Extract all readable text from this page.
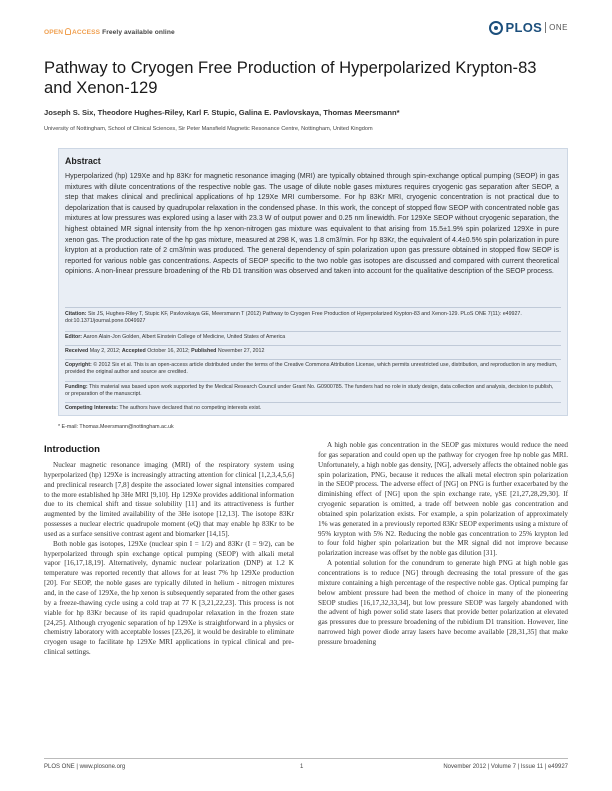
OPEN ACCESS Freely available online	PLOS ONE
Pathway to Cryogen Free Production of Hyperpolarized Krypton-83 and Xenon-129
Joseph S. Six, Theodore Hughes-Riley, Karl F. Stupic, Galina E. Pavlovskaya, Thomas Meersmann*
University of Nottingham, School of Clinical Sciences, Sir Peter Mansfield Magnetic Resonance Centre, Nottingham, United Kingdom
Abstract
Hyperpolarized (hp) 129Xe and hp 83Kr for magnetic resonance imaging (MRI) are typically obtained through spin-exchange optical pumping (SEOP) in gas mixtures with dilute concentrations of the respective noble gas. The usage of dilute noble gases mixtures requires cryogenic gas separation after SEOP, a step that makes clinical and preclinical applications of hp 129Xe MRI cumbersome. For hp 83Kr MRI, cryogenic concentration is not practical due to depolarization that is caused by quadrupolar relaxation in the condensed phase. In this work, the concept of stopped flow SEOP with concentrated noble gas mixtures at low pressures was explored using a laser with 23.3 W of output power and 0.25 nm linewidth. For 129Xe SEOP without cryogenic separation, the highest obtained MR signal intensity from the hp xenon-nitrogen gas mixture was equivalent to that arising from 15.5±1.9% spin polarized 129Xe in pure xenon gas. The production rate of the hp gas mixture, measured at 298 K, was 1.8 cm3/min. For hp 83Kr, the equivalent of 4.4±0.5% spin polarization in pure krypton at a production rate of 2 cm3/min was produced. The general dependency of spin polarization upon gas pressure obtained in stopped flow SEOP is reported for various noble gas concentrations. Aspects of SEOP specific to the two noble gas isotopes are discussed and compared with current theoretical opinions. A non-linear pressure broadening of the Rb D1 transition was observed and taken into account for the qualitative description of the SEOP process.
Citation: Six JS, Hughes-Riley T, Stupic KF, Pavlovskaya GE, Meersmann T (2012) Pathway to Cryogen Free Production of Hyperpolarized Krypton-83 and Xenon-129. PLoS ONE 7(11): e49927. doi:10.1371/journal.pone.0049927
Editor: Aaron Alain-Jon Golden, Albert Einstein College of Medicine, United States of America
Received May 2, 2012; Accepted October 16, 2012; Published November 27, 2012
Copyright: © 2012 Six et al. This is an open-access article distributed under the terms of the Creative Commons Attribution License, which permits unrestricted use, distribution, and reproduction in any medium, provided the original author and source are credited.
Funding: This material was based upon work supported by the Medical Research Council under Grant No. G0900785. The funders had no role in study design, data collection and analysis, decision to publish, or preparation of the manuscript.
Competing Interests: The authors have declared that no competing interests exist.
* E-mail: Thomas.Meersmann@nottingham.ac.uk
Introduction

Nuclear magnetic resonance imaging (MRI) of the respiratory system using hyperpolarized (hp) 129Xe is increasingly attracting attention for clinical [1,2,3,4,5,6] and preclinical research [7,8] despite the associated lower signal intensities compared to the more established hp 3He MRI [9,10]. Hp 129Xe provides additional information due to its chemical shift and tissue solubility [11] and its attractiveness is further augmented by the limited availability of the 3He isotope [12,13]. The isotope 83Kr possesses a nuclear electric quadrupole moment (eQ) that may enable hp 83Kr to be used as a surface sensitive contrast agent and biomarker [14,15].

Both noble gas isotopes, 129Xe (nuclear spin I = 1/2) and 83Kr (I = 9/2), can be hyperpolarized through spin exchange optical pumping (SEOP) with alkali metal vapor [16,17,18,19]. Alternatively, dynamic nuclear polarization (DNP) at 1.2 K temperature was reported recently that allows for at least 7% hp 129Xe production [20]. For SEOP, the noble gases are typically diluted in helium - nitrogen mixtures and, in the case of 129Xe, the hp xenon is subsequently separated from the other gases by a freeze-thawing cycle using a cold trap at 77 K [3,21,22,23]. This process is not viable for hp 83Kr because of its rapid quadrupolar relaxation in the frozen state [24,25]. Although cryogenic separation of hp 129Xe is straightforward in a physics or chemistry laboratory with acceptable losses [23,26], it would be desirable to eliminate cryogen usage to facilitate hp 129Xe MRI applications in typical clinical and pre-clinical settings.

A high noble gas concentration in the SEOP gas mixtures would reduce the need for gas separation and could open up the pathway for cryogen free hp noble gas MRI. Unfortunately, a high noble gas density, [NG], adversely affects the obtained noble gas spin polarization, PNG, because it reduces the alkali metal electron spin polarization in the SEOP process. The adverse effect of [NG] on PNG is further exacerbated by the diminishing effect of [NG] upon the spin exchange rate, γSE [21,27,28,29,30]. If cryogenic separation is omitted, a trade off between noble gas concentration and obtained spin polarization exists. For example, a spin polarization of approximately 1% was generated in a previously reported 83Kr SEOP experiments using a mixture of 95% krypton with 5% N2. Reducing the noble gas concentration to 25% krypton led to four fold higher spin polarization but the MR signal did not improve because polarization increase was offset by the noble gas dilution [31].

A potential solution for the conundrum to generate high PNG at high noble gas concentrations is to reduce [NG] through decreasing the total pressure of the gas mixture containing a high percentage of the respective noble gas. Optical pumping far below ambient pressure had been the method of choice in many of the pioneering SEOP studies [16,17,32,33,34], but low pressure SEOP was largely abandoned with the advent of high power solid state lasers that provide better polarization at elevated gas pressures due to pressure broadening of the rubidium D1 transition. However, line narrowed high power diode array lasers have become available [28,31,35] that make pressure broadening

PLOS ONE | www.plosone.org	1	November 2012 | Volume 7 | Issue 11 | e49927
